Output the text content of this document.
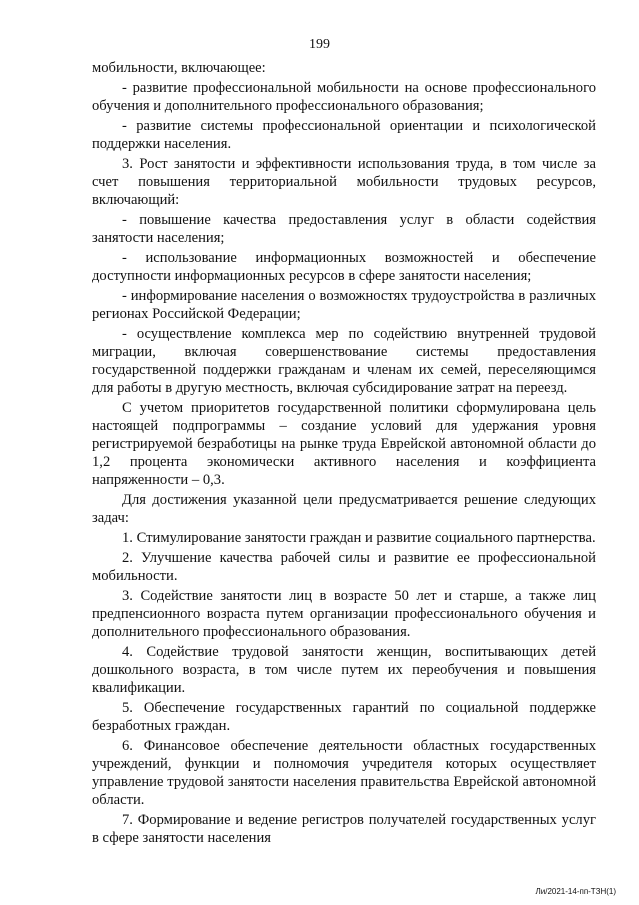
199

мобильности, включающее:

- развитие профессиональной мобильности на основе профессионального обучения и дополнительного профессионального образования;

- развитие системы профессиональной ориентации и психологической поддержки населения.

3. Рост занятости и эффективности использования труда, в том числе за счет повышения территориальной мобильности трудовых ресурсов, включающий:

- повышение качества предоставления услуг в области содействия занятости населения;

- использование информационных возможностей и обеспечение доступности информационных ресурсов в сфере занятости населения;

- информирование населения о возможностях трудоустройства в различных регионах Российской Федерации;

- осуществление комплекса мер по содействию внутренней трудовой миграции, включая совершенствование системы предоставления государственной поддержки гражданам и членам их семей, переселяющимся для работы в другую местность, включая субсидирование затрат на переезд.

С учетом приоритетов государственной политики сформулирована цель настоящей подпрограммы – создание условий для удержания уровня регистрируемой безработицы на рынке труда Еврейской автономной области до 1,2 процента экономически активного населения и коэффициента напряженности – 0,3.

Для достижения указанной цели предусматривается решение следующих задач:

1. Стимулирование занятости граждан и развитие социального партнерства.

2. Улучшение качества рабочей силы и развитие ее профессиональной мобильности.

3. Содействие занятости лиц в возрасте 50 лет и старше, а также лиц предпенсионного возраста путем организации профессионального обучения и дополнительного профессионального образования.

4. Содействие трудовой занятости женщин, воспитывающих детей дошкольного возраста, в том числе путем их переобучения и повышения квалификации.

5. Обеспечение государственных гарантий по социальной поддержке безработных граждан.

6. Финансовое обеспечение деятельности областных государственных учреждений, функции и полномочия учредителя которых осуществляет управление трудовой занятости населения правительства Еврейской автономной области.

7. Формирование и ведение регистров получателей государственных услуг в сфере занятости населения

Ли/2021-14-пп-ТЗН(1)
